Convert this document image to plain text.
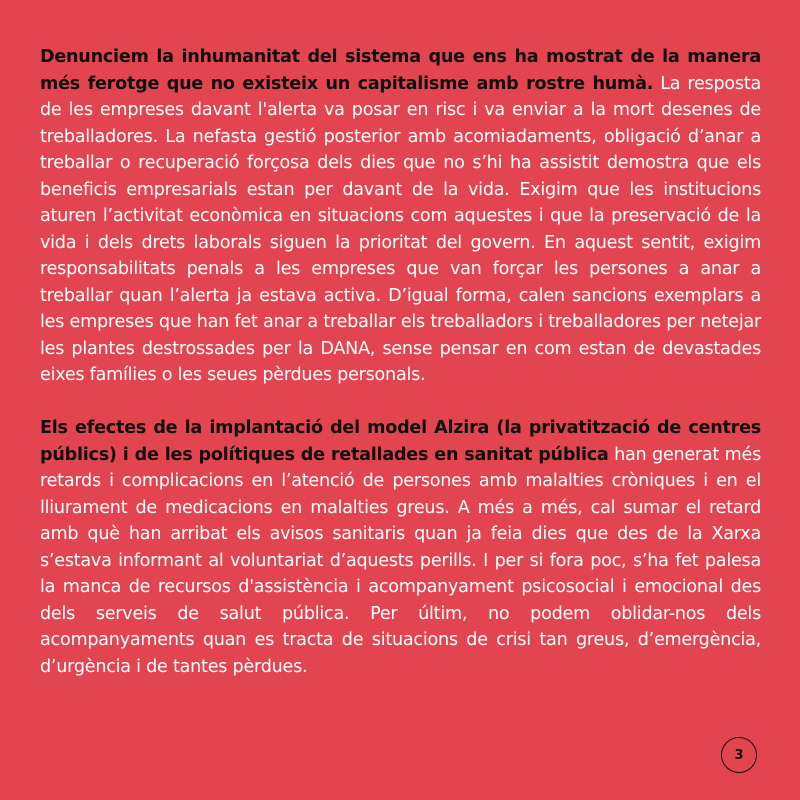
Denunciem la inhumanitat del sistema que ens ha mostrat de la manera més ferotge que no existeix un capitalisme amb rostre humà. La resposta de les empreses davant l'alerta va posar en risc i va enviar a la mort desenes de treballadores. La nefasta gestió posterior amb acomiadaments, obligació d’anar a treballar o recuperació forçosa dels dies que no s’hi ha assistit demostra que els beneficis empresarials estan per davant de la vida. Exigim que les institucions aturen l’activitat econòmica en situacions com aquestes i que la preservació de la vida i dels drets laborals siguen la prioritat del govern. En aquest sentit, exigim responsabilitats penals a les empreses que van forçar les persones a anar a treballar quan l’alerta ja estava activa. D’igual forma, calen sancions exemplars a les empreses que han fet anar a treballar els treballadors i treballadores per netejar les plantes destrossades per la DANA, sense pensar en com estan de devastades eixes famílies o les seues pèrdues personals.

Els efectes de la implantació del model Alzira (la privatització de centres públics) i de les polítiques de retallades en sanitat pública han generat més retards i complicacions en l’atenció de persones amb malalties cròniques i en el lliurament de medicacions en malalties greus. A més a més, cal sumar el retard amb què han arribat els avisos sanitaris quan ja feia dies que des de la Xarxa s’estava informant al voluntariat d’aquests perills. I per si fora poc, s’ha fet palesa la manca de recursos d'assistència i acompanyament psicosocial i emocional des dels serveis de salut pública. Per últim, no podem oblidar-nos dels acompanyaments quan es tracta de situacions de crisi tan greus, d’emergència, d’urgència i de tantes pèrdues.

3
